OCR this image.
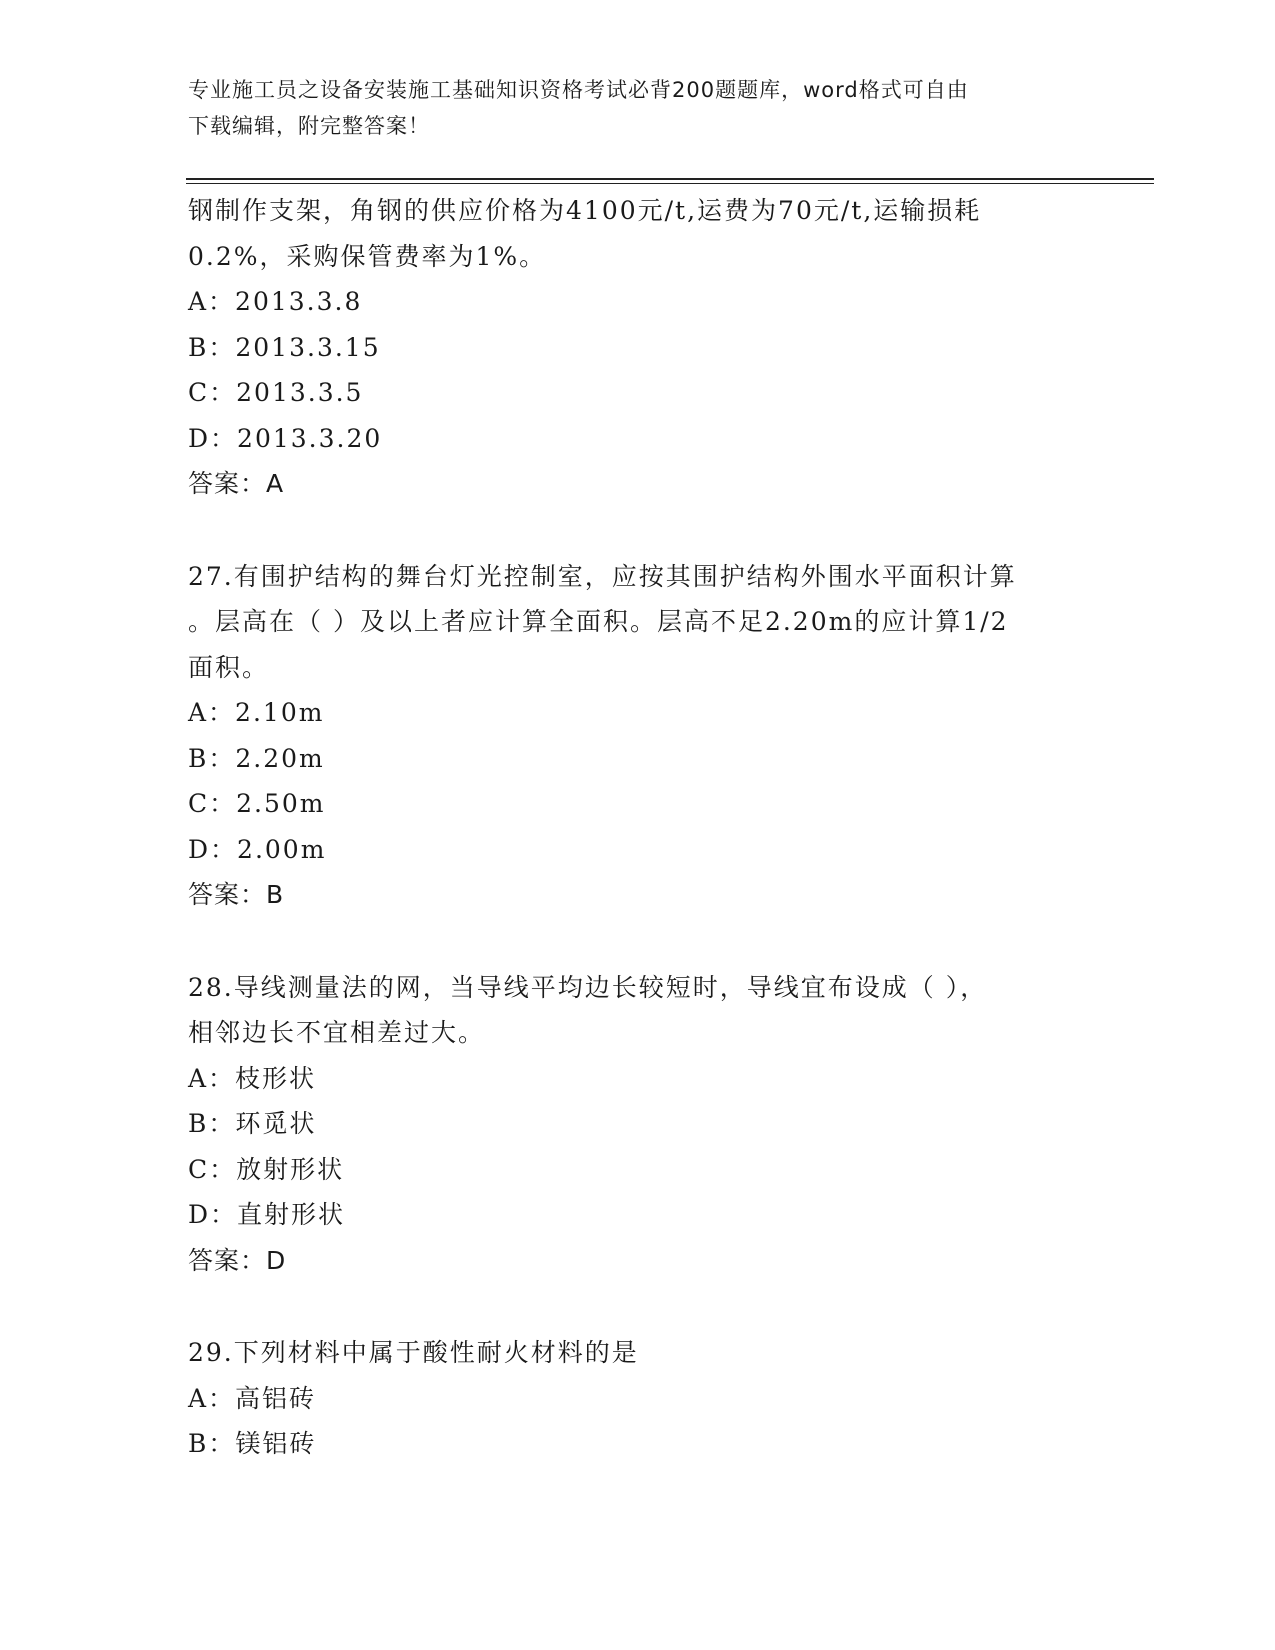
专业施工员之设备安装施工基础知识资格考试必背200题题库，word格式可自由
下载编辑，附完整答案！
钢制作支架，角钢的供应价格为4100元/t,运费为70元/t,运输损耗
0.2%，采购保管费率为1%。
A：2013.3.8
B：2013.3.15
C：2013.3.5
D：2013.3.20
答案：A
27.有围护结构的舞台灯光控制室，应按其围护结构外围水平面积计算
。层高在（ ）及以上者应计算全面积。层高不足2.20m的应计算1/2
面积。
A：2.10m
B：2.20m
C：2.50m
D：2.00m
答案：B
28.导线测量法的网，当导线平均边长较短时，导线宜布设成（ ），
相邻边长不宜相差过大。
A：枝形状
B：环觅状
C：放射形状
D：直射形状
答案：D
29.下列材料中属于酸性耐火材料的是
A：高铝砖
B：镁铝砖
